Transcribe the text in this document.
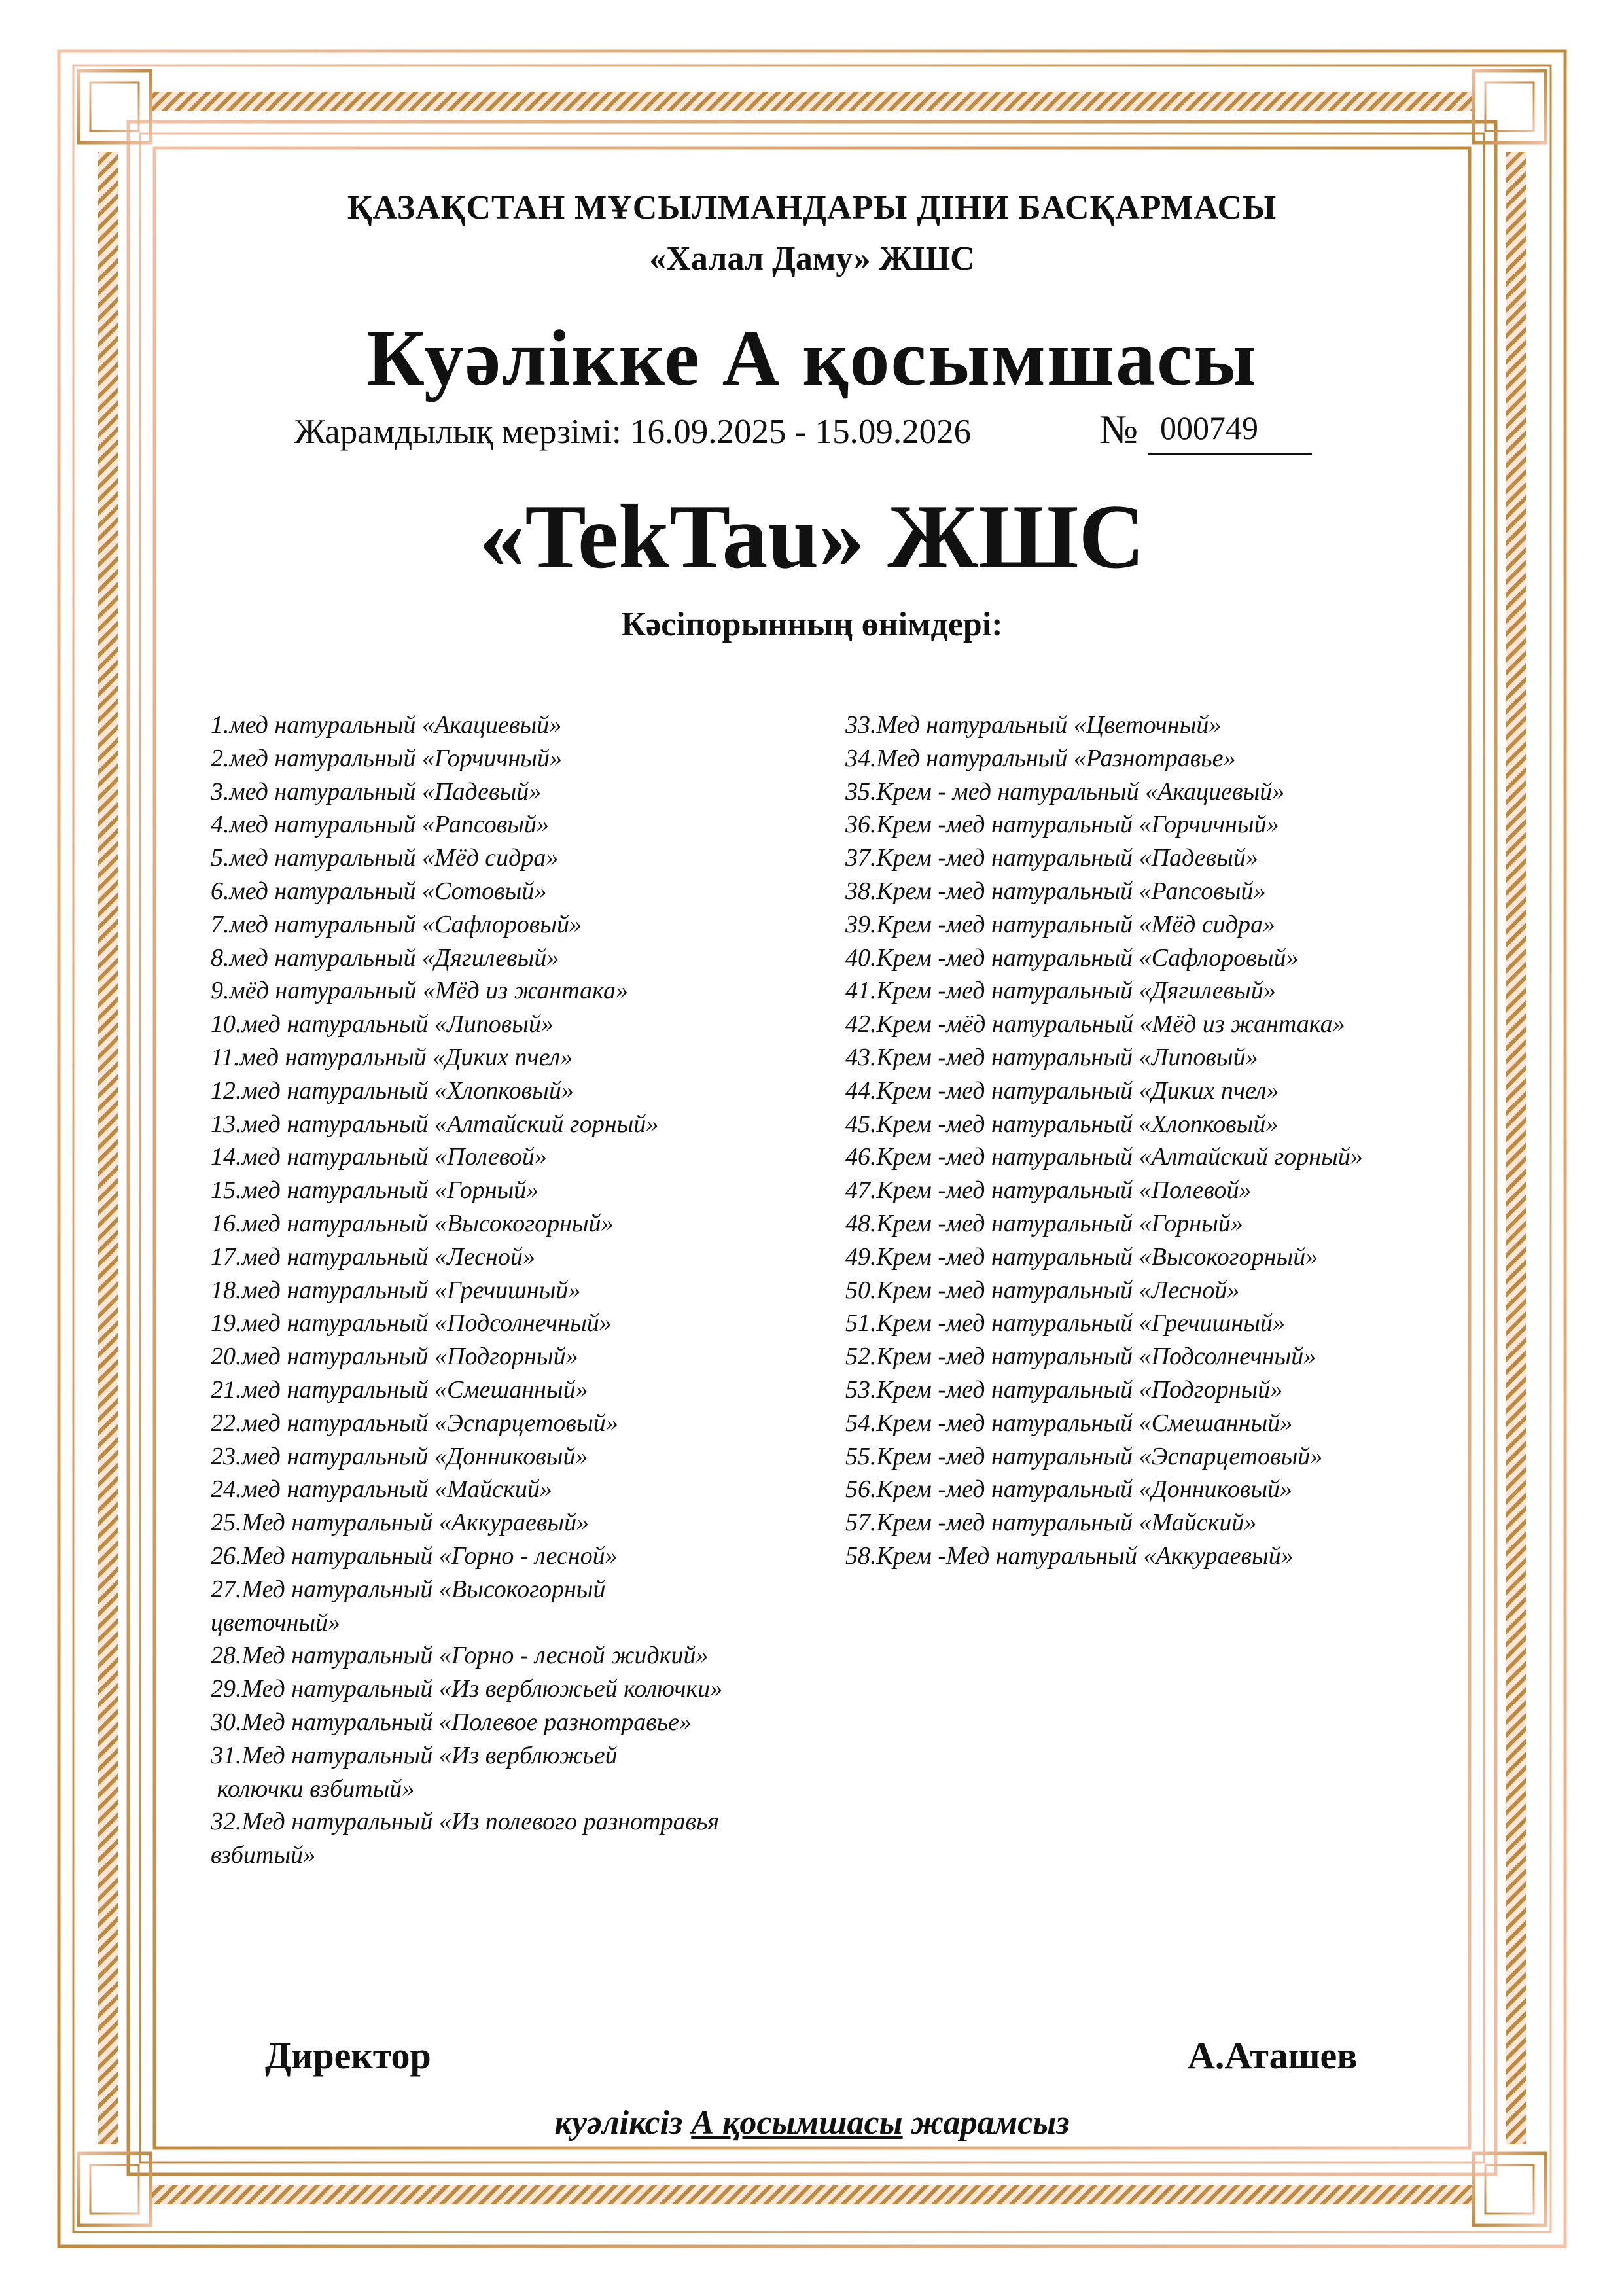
ҚАЗАҚСТАН МҰСЫЛМАНДАРЫ ДІНИ БАСҚАРМАСЫ
«Халал Даму» ЖШС
Куәлікке А қосымшасы
Жарамдылық мерзімі: 16.09.2025 - 15.09.2026	№ 000749
«TekTau» ЖШС
Кәсіпорынның өнімдері:
1.мед натуральный «Акациевый»
2.мед натуральный «Горчичный»
3.мед натуральный «Падевый»
4.мед натуральный «Рапсовый»
5.мед натуральный «Мёд сидра»
6.мед натуральный «Сотовый»
7.мед натуральный «Сафлоровый»
8.мед натуральный «Дягилевый»
9.мёд натуральный «Мёд из жантака»
10.мед натуральный «Липовый»
11.мед натуральный «Диких пчел»
12.мед натуральный «Хлопковый»
13.мед натуральный «Алтайский горный»
14.мед натуральный «Полевой»
15.мед натуральный «Горный»
16.мед натуральный «Высокогорный»
17.мед натуральный «Лесной»
18.мед натуральный «Гречишный»
19.мед натуральный «Подсолнечный»
20.мед натуральный «Подгорный»
21.мед натуральный «Смешанный»
22.мед натуральный «Эспарцетовый»
23.мед натуральный «Донниковый»
24.мед натуральный «Майский»
25.Мед натуральный «Аккураевый»
26.Мед натуральный «Горно - лесной»
27.Мед натуральный «Высокогорный
цветочный»
28.Мед натуральный «Горно - лесной жидкий»
29.Мед натуральный «Из верблюжьей колючки»
30.Мед натуральный «Полевое разнотравье»
31.Мед натуральный «Из верблюжьей
колючки взбитый»
32.Мед натуральный «Из полевого разнотравья
взбитый»
33.Мед натуральный «Цветочный»
34.Мед натуральный «Разнотравье»
35.Крем - мед натуральный «Акациевый»
36.Крем -мед натуральный «Горчичный»
37.Крем -мед натуральный «Падевый»
38.Крем -мед натуральный «Рапсовый»
39.Крем -мед натуральный «Мёд сидра»
40.Крем -мед натуральный «Сафлоровый»
41.Крем -мед натуральный «Дягилевый»
42.Крем -мёд натуральный «Мёд из жантака»
43.Крем -мед натуральный «Липовый»
44.Крем -мед натуральный «Диких пчел»
45.Крем -мед натуральный «Хлопковый»
46.Крем -мед натуральный «Алтайский горный»
47.Крем -мед натуральный «Полевой»
48.Крем -мед натуральный «Горный»
49.Крем -мед натуральный «Высокогорный»
50.Крем -мед натуральный «Лесной»
51.Крем -мед натуральный «Гречишный»
52.Крем -мед натуральный «Подсолнечный»
53.Крем -мед натуральный «Подгорный»
54.Крем -мед натуральный «Смешанный»
55.Крем -мед натуральный «Эспарцетовый»
56.Крем -мед натуральный «Донниковый»
57.Крем -мед натуральный «Майский»
58.Крем -Мед натуральный «Аккураевый»
Директор	А.Аташев
куәліксіз А қосымшасы жарамсыз
